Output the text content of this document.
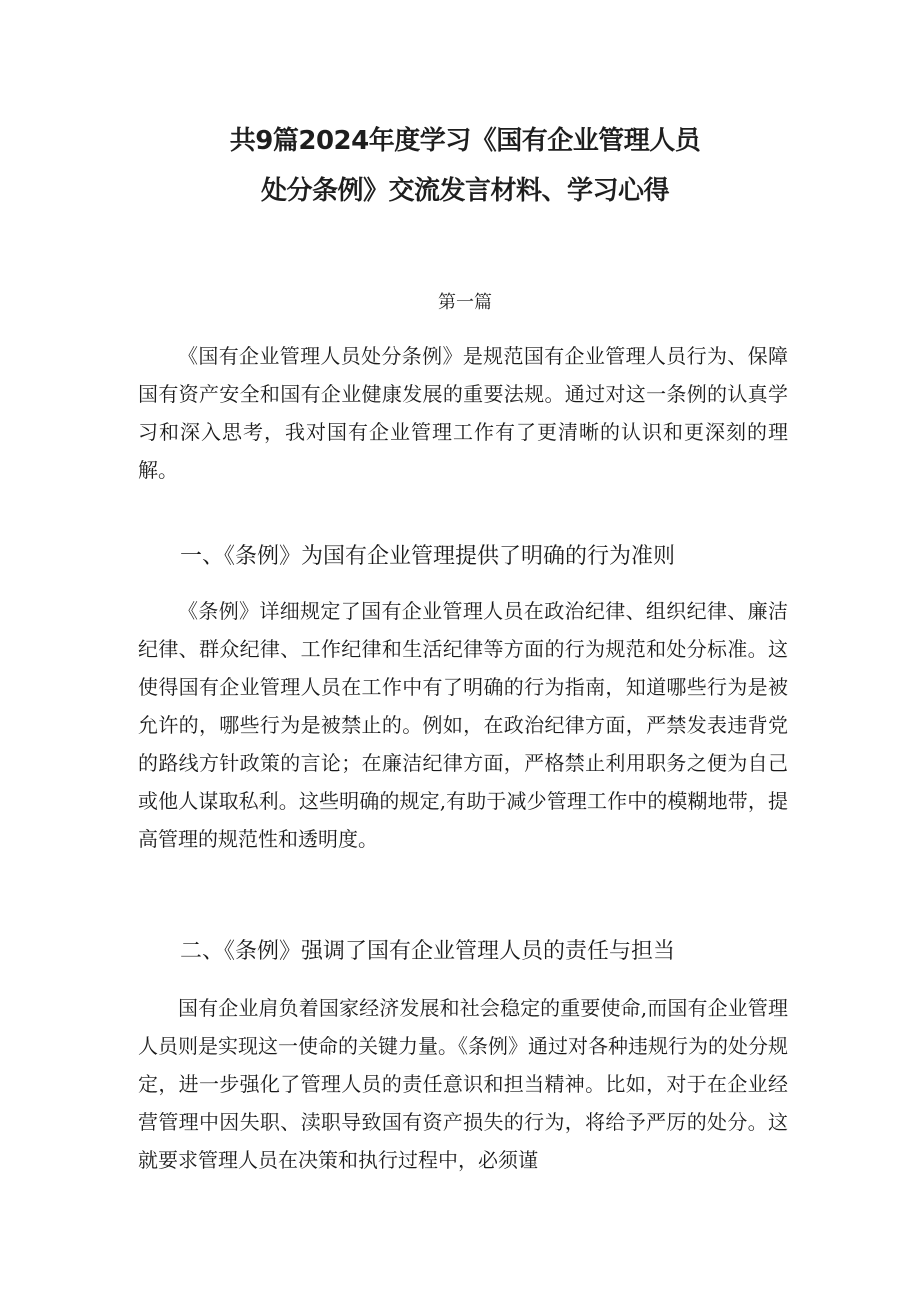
共9篇2024年度学习《国有企业管理人员
处分条例》交流发言材料、学习心得
第一篇

《国有企业管理人员处分条例》是规范国有企业管理人员行为、保障国有资产安全和国有企业健康发展的重要法规。通过对这一条例的认真学习和深入思考，我对国有企业管理工作有了更清晰的认识和更深刻的理解。

一、《条例》为国有企业管理提供了明确的行为准则

《条例》详细规定了国有企业管理人员在政治纪律、组织纪律、廉洁纪律、群众纪律、工作纪律和生活纪律等方面的行为规范和处分标准。这使得国有企业管理人员在工作中有了明确的行为指南，知道哪些行为是被允许的，哪些行为是被禁止的。例如，在政治纪律方面，严禁发表违背党的路线方针政策的言论；在廉洁纪律方面，严格禁止利用职务之便为自己或他人谋取私利。这些明确的规定,有助于减少管理工作中的模糊地带，提高管理的规范性和透明度。

二、《条例》强调了国有企业管理人员的责任与担当

国有企业肩负着国家经济发展和社会稳定的重要使命,而国有企业管理人员则是实现这一使命的关键力量。《条例》通过对各种违规行为的处分规定，进一步强化了管理人员的责任意识和担当精神。比如，对于在企业经营管理中因失职、渎职导致国有资产损失的行为，将给予严厉的处分。这就要求管理人员在决策和执行过程中，必须谨
